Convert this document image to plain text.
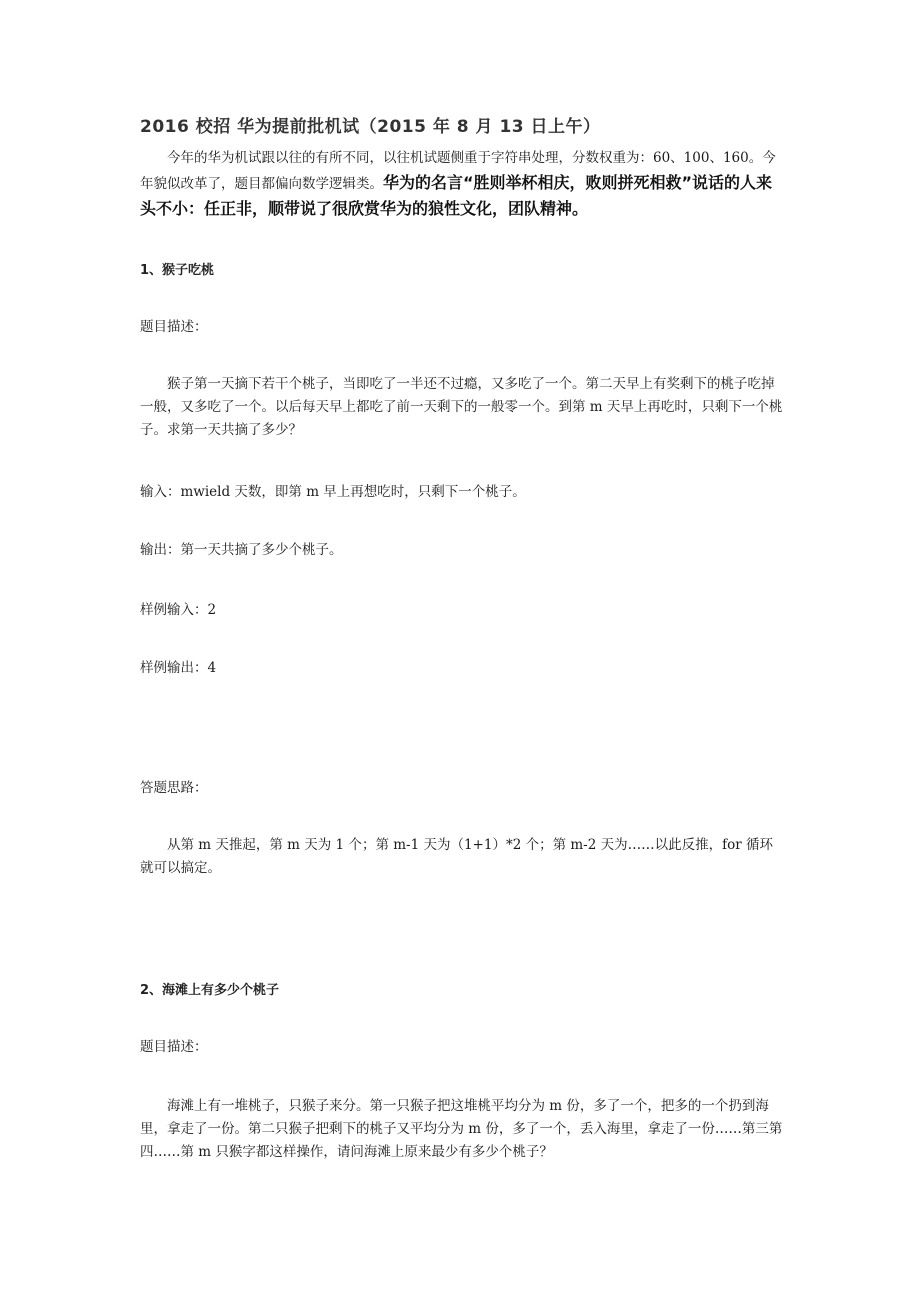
2016 校招 华为提前批机试（2015 年 8 月 13 日上午）
今年的华为机试跟以往的有所不同，以往机试题侧重于字符串处理，分数权重为：60、100、160。今年貌似改革了，题目都偏向数学逻辑类。华为的名言“胜则举杯相庆，败则拼死相救”说话的人来头不小：任正非，顺带说了很欣赏华为的狼性文化，团队精神。
1、猴子吃桃
题目描述：
猴子第一天摘下若干个桃子，当即吃了一半还不过瘾，又多吃了一个。第二天早上有奖剩下的桃子吃掉一般，又多吃了一个。以后每天早上都吃了前一天剩下的一般零一个。到第 m 天早上再吃时，只剩下一个桃子。求第一天共摘了多少？
输入：mwield 天数，即第 m 早上再想吃时，只剩下一个桃子。
输出：第一天共摘了多少个桃子。
样例输入：2
样例输出：4
答题思路：
从第 m 天推起，第 m 天为 1 个；第 m-1 天为（1+1）*2 个；第 m-2 天为……以此反推，for 循环就可以搞定。
2、海滩上有多少个桃子
题目描述：
海滩上有一堆桃子，只猴子来分。第一只猴子把这堆桃平均分为 m 份，多了一个，把多的一个扔到海里，拿走了一份。第二只猴子把剩下的桃子又平均分为 m 份，多了一个，丢入海里，拿走了一份……第三第四……第 m 只猴字都这样操作，请问海滩上原来最少有多少个桃子？
